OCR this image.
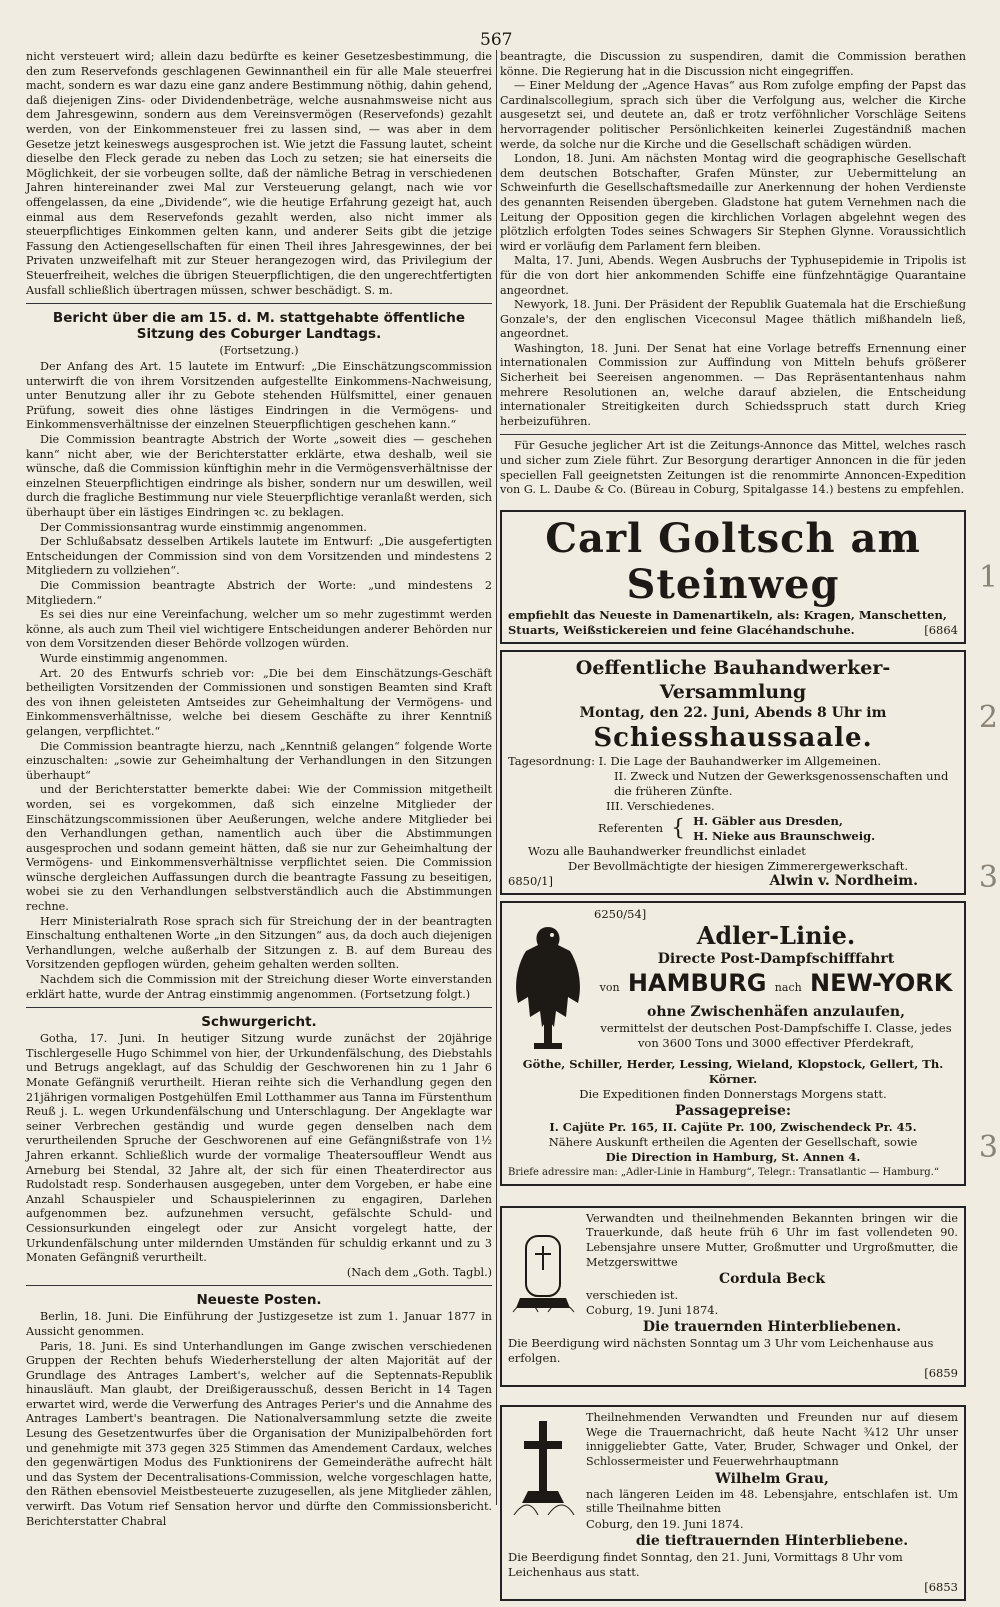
567

nicht versteuert wird; allein dazu bedürfte es keiner Gesetzesbestimmung, die den zum Reservefonds geschlagenen Gewinnantheil ein für alle Male steuerfrei macht, sondern es war dazu eine ganz andere Bestimmung nöthig, dahin gehend, daß diejenigen Zins- oder Dividendenbeträge, welche ausnahmsweise nicht aus dem Jahresgewinn, sondern aus dem Vereinsvermögen (Reservefonds) gezahlt werden, von der Einkommensteuer frei zu lassen sind, — was aber in dem Gesetze jetzt keineswegs ausgesprochen ist. Wie jetzt die Fassung lautet, scheint dieselbe den Fleck gerade zu neben das Loch zu setzen; sie hat einerseits die Möglichkeit, der sie vorbeugen sollte, daß der nämliche Betrag in verschiedenen Jahren hintereinander zwei Mal zur Versteuerung gelangt, nach wie vor offengelassen, da eine „Dividende“, wie die heutige Erfahrung gezeigt hat, auch einmal aus dem Reservefonds gezahlt werden, also nicht immer als steuerpflichtiges Einkommen gelten kann, und anderer Seits gibt die jetzige Fassung den Actiengesellschaften für einen Theil ihres Jahresgewinnes, der bei Privaten unzweifelhaft mit zur Steuer herangezogen wird, das Privilegium der Steuerfreiheit, welches die übrigen Steuerpflichtigen, die den ungerechtfertigten Ausfall schließlich übertragen müssen, schwer beschädigt. S. m.

Bericht über die am 15. d. M. stattgehabte öffentliche Sitzung des Coburger Landtags.
(Fortsetzung.)

Der Anfang des Art. 15 lautete im Entwurf: „Die Einschätzungscommission unterwirft die von ihrem Vorsitzenden aufgestellte Einkommens-Nachweisung, unter Benutzung aller ihr zu Gebote stehenden Hülfsmittel, einer genauen Prüfung, soweit dies ohne lästiges Eindringen in die Vermögens- und Einkommensverhältnisse der einzelnen Steuerpflichtigen geschehen kann.“

Die Commission beantragte Abstrich der Worte „soweit dies — geschehen kann“ nicht aber, wie der Berichterstatter erklärte, etwa deshalb, weil sie wünsche, daß die Commission künftighin mehr in die Vermögensverhältnisse der einzelnen Steuerpflichtigen eindringe als bisher, sondern nur um deswillen, weil durch die fragliche Bestimmung nur viele Steuerpflichtige veranlaßt werden, sich überhaupt über ein lästiges Eindringen ꝛc. zu beklagen.

Der Commissionsantrag wurde einstimmig angenommen.

Der Schlußabsatz desselben Artikels lautete im Entwurf: „Die ausgefertigten Entscheidungen der Commission sind von dem Vorsitzenden und mindestens 2 Mitgliedern zu vollziehen“.

Die Commission beantragte Abstrich der Worte: „und mindestens 2 Mitgliedern.“

Es sei dies nur eine Vereinfachung, welcher um so mehr zugestimmt werden könne, als auch zum Theil viel wichtigere Entscheidungen anderer Behörden nur von dem Vorsitzenden dieser Behörde vollzogen würden.

Wurde einstimmig angenommen.

Art. 20 des Entwurfs schrieb vor: „Die bei dem Einschätzungs-Geschäft betheiligten Vorsitzenden der Commissionen und sonstigen Beamten sind Kraft des von ihnen geleisteten Amtseides zur Geheimhaltung der Vermögens- und Einkommensverhältnisse, welche bei diesem Geschäfte zu ihrer Kenntniß gelangen, verpflichtet.“

Die Commission beantragte hierzu, nach „Kenntniß gelangen“ folgende Worte einzuschalten: „sowie zur Geheimhaltung der Verhandlungen in den Sitzungen überhaupt“

und der Berichterstatter bemerkte dabei: Wie der Commission mitgetheilt worden, sei es vorgekommen, daß sich einzelne Mitglieder der Einschätzungscommissionen über Aeußerungen, welche andere Mitglieder bei den Verhandlungen gethan, namentlich auch über die Abstimmungen ausgesprochen und sodann gemeint hätten, daß sie nur zur Geheimhaltung der Vermögens- und Einkommensverhältnisse verpflichtet seien. Die Commission wünsche dergleichen Auffassungen durch die beantragte Fassung zu beseitigen, wobei sie zu den Verhandlungen selbstverständlich auch die Abstimmungen rechne.

Herr Ministerialrath Rose sprach sich für Streichung der in der beantragten Einschaltung enthaltenen Worte „in den Sitzungen“ aus, da doch auch diejenigen Verhandlungen, welche außerhalb der Sitzungen z. B. auf dem Bureau des Vorsitzenden gepflogen würden, geheim gehalten werden sollten.

Nachdem sich die Commission mit der Streichung dieser Worte einverstanden erklärt hatte, wurde der Antrag einstimmig angenommen. (Fortsetzung folgt.)

Schwurgericht.

Gotha, 17. Juni. In heutiger Sitzung wurde zunächst der 20jährige Tischlergeselle Hugo Schimmel von hier, der Urkundenfälschung, des Diebstahls und Betrugs angeklagt, auf das Schuldig der Geschworenen hin zu 1 Jahr 6 Monate Gefängniß verurtheilt. Hieran reihte sich die Verhandlung gegen den 21jährigen vormaligen Postgehülfen Emil Lotthammer aus Tanna im Fürstenthum Reuß j. L. wegen Urkundenfälschung und Unterschlagung. Der Angeklagte war seiner Verbrechen geständig und wurde gegen denselben nach dem verurtheilenden Spruche der Geschworenen auf eine Gefängnißstrafe von 1½ Jahren erkannt. Schließlich wurde der vormalige Theatersouffleur Wendt aus Arneburg bei Stendal, 32 Jahre alt, der sich für einen Theaterdirector aus Rudolstadt resp. Sonderhausen ausgegeben, unter dem Vorgeben, er habe eine Anzahl Schauspieler und Schauspielerinnen zu engagiren, Darlehen aufgenommen bez. aufzunehmen versucht, gefälschte Schuld- und Cessionsurkunden eingelegt oder zur Ansicht vorgelegt hatte, der Urkundenfälschung unter mildernden Umständen für schuldig erkannt und zu 3 Monaten Gefängniß verurtheilt.

(Nach dem „Goth. Tagbl.)

Neueste Posten.

Berlin, 18. Juni. Die Einführung der Justizgesetze ist zum 1. Januar 1877 in Aussicht genommen.

Paris, 18. Juni. Es sind Unterhandlungen im Gange zwischen verschiedenen Gruppen der Rechten behufs Wiederherstellung der alten Majorität auf der Grundlage des Antrages Lambert's, welcher auf die Septennats-Republik hinausläuft. Man glaubt, der Dreißigerausschuß, dessen Bericht in 14 Tagen erwartet wird, werde die Verwerfung des Antrages Perier's und die Annahme des Antrages Lambert's beantragen. Die Nationalversammlung setzte die zweite Lesung des Gesetzentwurfes über die Organisation der Munizipalbehörden fort und genehmigte mit 373 gegen 325 Stimmen das Amendement Cardaux, welches den gegenwärtigen Modus des Funktionirens der Gemeinderäthe aufrecht hält und das System der Decentralisations-Commission, welche vorgeschlagen hatte, den Räthen ebensoviel Meistbesteuerte zuzugesellen, als jene Mitglieder zählen, verwirft. Das Votum rief Sensation hervor und dürfte den Commissionsbericht. Berichterstatter Chabral

beantragte, die Discussion zu suspendiren, damit die Commission berathen könne. Die Regierung hat in die Discussion nicht eingegriffen.

— Einer Meldung der „Agence Havas“ aus Rom zufolge empfing der Papst das Cardinalscollegium, sprach sich über die Verfolgung aus, welcher die Kirche ausgesetzt sei, und deutete an, daß er trotz verföhnlicher Vorschläge Seitens hervorragender politischer Persönlichkeiten keinerlei Zugeständniß machen werde, da solche nur die Kirche und die Gesellschaft schädigen würden.

London, 18. Juni. Am nächsten Montag wird die geographische Gesellschaft dem deutschen Botschafter, Grafen Münster, zur Uebermittelung an Schweinfurth die Gesellschaftsmedaille zur Anerkennung der hohen Verdienste des genannten Reisenden übergeben. Gladstone hat gutem Vernehmen nach die Leitung der Opposition gegen die kirchlichen Vorlagen abgelehnt wegen des plötzlich erfolgten Todes seines Schwagers Sir Stephen Glynne. Voraussichtlich wird er vorläufig dem Parlament fern bleiben.

Malta, 17. Juni, Abends. Wegen Ausbruchs der Typhusepidemie in Tripolis ist für die von dort hier ankommenden Schiffe eine fünfzehntägige Quarantaine angeordnet.

Newyork, 18. Juni. Der Präsident der Republik Guatemala hat die Erschießung Gonzale's, der den englischen Viceconsul Magee thätlich mißhandeln ließ, angeordnet.

Washington, 18. Juni. Der Senat hat eine Vorlage betreffs Ernennung einer internationalen Commission zur Auffindung von Mitteln behufs größerer Sicherheit bei Seereisen angenommen. — Das Repräsentantenhaus nahm mehrere Resolutionen an, welche darauf abzielen, die Entscheidung internationaler Streitigkeiten durch Schiedsspruch statt durch Krieg herbeizuführen.

Für Gesuche jeglicher Art ist die Zeitungs-Annonce das Mittel, welches rasch und sicher zum Ziele führt. Zur Besorgung derartiger Annoncen in die für jeden speciellen Fall geeignetsten Zeitungen ist die renommirte Annoncen-Expedition von G. L. Daube & Co. (Büreau in Coburg, Spitalgasse 14.) bestens zu empfehlen.

Carl Goltsch am Steinweg
empfiehlt das Neueste in Damenartikeln, als: Kragen, Manschetten,
Stuarts, Weißstickereien und feine Glacéhandschuhe.	[6864
Oeffentliche Bauhandwerker-Versammlung
Montag, den 22. Juni, Abends 8 Uhr im
Schiesshaussaale.
Tagesordnung: I. Die Lage der Bauhandwerker im Allgemeinen.
II. Zweck und Nutzen der Gewerksgenossenschaften und die früheren Zünfte.
III. Verschiedenes.
Referenten { H. Gäbler aus Dresden,
H. Nieke aus Braunschweig.
Wozu alle Bauhandwerker freundlichst einladet
Der Bevollmächtigte der hiesigen Zimmerergewerkschaft.
6850/1]	Alwin v. Nordheim.
6250/54]
Adler-Linie.
Directe Post-Dampfschifffahrt
von HAMBURG nach NEW-YORK
ohne Zwischenhäfen anzulaufen,
vermittelst der deutschen Post-Dampfschiffe I. Classe, jedes von 3600 Tons und 3000 effectiver Pferdekraft,
Göthe, Schiller, Herder, Lessing, Wieland, Klopstock, Gellert, Th. Körner.
Die Expeditionen finden Donnerstags Morgens statt.
Passagepreise:
I. Cajüte Pr. 165, II. Cajüte Pr. 100, Zwischendeck Pr. 45.
Nähere Auskunft ertheilen die Agenten der Gesellschaft, sowie
Die Direction in Hamburg, St. Annen 4.
Briefe adressire man: „Adler-Linie in Hamburg“, Telegr.: Transatlantic — Hamburg.“
Verwandten und theilnehmenden Bekannten bringen wir die Trauerkunde, daß heute früh 6 Uhr im fast vollendeten 90. Lebensjahre unsere Mutter, Großmutter und Urgroßmutter, die Metzgerswittwe
Cordula Beck
verschieden ist.
Coburg, 19. Juni 1874.
Die trauernden Hinterbliebenen.
Die Beerdigung wird nächsten Sonntag um 3 Uhr vom Leichenhause aus erfolgen.
[6859
Theilnehmenden Verwandten und Freunden nur auf diesem Wege die Trauernachricht, daß heute Nacht ¾12 Uhr unser inniggeliebter Gatte, Vater, Bruder, Schwager und Onkel, der Schlossermeister und Feuerwehrhauptmann
Wilhelm Grau,
nach längeren Leiden im 48. Lebensjahre, entschlafen ist. Um stille Theilnahme bitten
Coburg, den 19. Juni 1874.
die tieftrauernden Hinterbliebene.
Die Beerdigung findet Sonntag, den 21. Juni, Vormittags 8 Uhr vom Leichenhaus aus statt.
[6853
1
2
3
3
